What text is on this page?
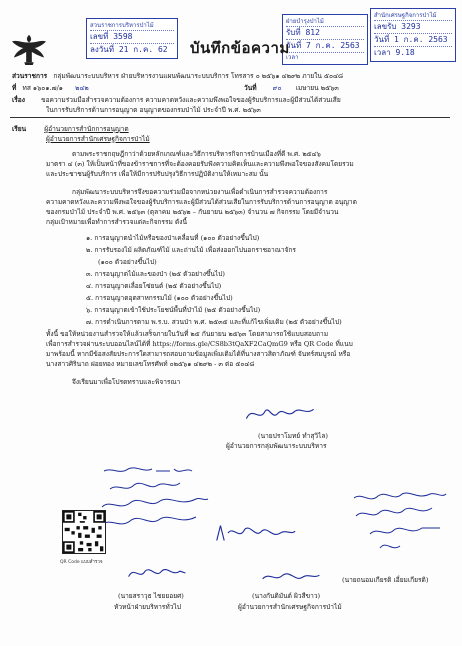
สวนราชการบริหารป่าไม้
เลขที่ 3598
ลงวันที่ 21 ก.ค. 62
ฝ่ายบำรุงป่าไม้
รับที่ 812
วันที่ 7 ก.ค. 2563
เวลา
สำนักเศรษฐกิจการป่าไม้
เลขรับ 3293
วันที่ 1 ก.ค. 2563
เวลา 9.18
บันทึกข้อความ
ส่วนราชการ กลุ่มพัฒนาระบบบริหาร ฝ่ายบริหารงานแผนพัฒนาระบบบริการ โทรสาร ๐ ๒๕๖๑ ๔๒๙๒ ภายใน ๕๐๔๘
ที่ ทส ๑๖๐๑.๗/๑ ๒๔๒	วันที่ ๙๐ เมษายน ๒๕๖๓
เรื่อง ขอความร่วมมือสำรวจความต้องการ ความคาดหวังและความพึงพอใจของผู้รับบริการและผู้มีส่วนได้ส่วนเสีย
ในการรับบริการด้านการอนุญาต อนุญาตของกรมป่าไม้ ประจำปี พ.ศ. ๒๕๖๓
เรียน	ผู้อำนวยการสำนักการอนุญาต
ผู้อำนวยการสำนักเศรษฐกิจการป่าไม้
ตามพระราชกฤษฎีกาว่าด้วยหลักเกณฑ์และวิธีการบริหารกิจการบ้านเมืองที่ดี พ.ศ. ๒๕๔๖
มาตรา ๔ (๓) ให้เป็นหน้าที่ของข้าราชการที่จะต้องคอยรับฟังความคิดเห็นและความพึงพอใจของสังคมโดยรวม
และประชาชนผู้รับบริการ เพื่อให้มีการปรับปรุงวิธีการปฏิบัติงานให้เหมาะสม นั้น
กลุ่มพัฒนาระบบบริหารจึงขอความร่วมมือจากหน่วยงานเพื่อดำเนินการสำรวจความต้องการ
ความคาดหวังและความพึงพอใจของผู้รับบริการและผู้มีส่วนได้ส่วนเสียในการรับบริการด้านการอนุญาต อนุญาต
ของกรมป่าไม้ ประจำปี พ.ศ. ๒๕๖๓ (ตุลาคม ๒๕๖๒ – กันยายน ๒๕๖๓) จำนวน ๗ กิจกรรม โดยมีจำนวน
กลุ่มเป้าหมายเพื่อทำการสำรวจแต่ละกิจกรรม ดังนี้
๑. การอนุญาตนำไม้หรือของป่าเคลื่อนที่ (๑๐๐ ตัวอย่างขึ้นไป)
๒. การรับรองไม้ ผลิตภัณฑ์ไม้ และถ่านไม้ เพื่อส่งออกไปนอกราชอาณาจักร
(๑๐๐ ตัวอย่างขึ้นไป)
๓. การอนุญาตไม้และของป่า (๒๕ ตัวอย่างขึ้นไป)
๔. การอนุญาตเลื่อยโซ่ยนต์ (๒๕ ตัวอย่างขึ้นไป)
๕. การอนุญาตอุตสาหกรรมไม้ (๑๐๐ ตัวอย่างขึ้นไป)
๖. การอนุญาตเข้าใช้ประโยชน์พื้นที่ป่าไม้ (๒๕ ตัวอย่างขึ้นไป)
๗. การดำเนินการตาม พ.ร.บ. สวนป่า พ.ศ. ๒๕๓๕ และที่แก้ไขเพิ่มเติม (๒๕ ตัวอย่างขึ้นไป)
ทั้งนี้ ขอให้หน่วยงานสำรวจให้แล้วเสร็จภายในวันที่ ๒๕ กันยายน ๒๕๖๓ โดยสามารถใช้แบบสอบถาม
เพื่อการสำรวจผ่านระบบออนไลน์ได้ที่ https://forms.gle/CS8b3tQaXF2CaQmG9 หรือ QR Code ที่แนบ
มาพร้อมนี้ หากมีข้อสงสัยประการใดสามารถสอบถามข้อมูลเพิ่มเติมได้ที่นางสาวสิตาภัณฑ์ จันทร์สมบูรณ์ หรือ
นางสาวศิรินาถ ฝอยทอง หมายเลขโทรศัพท์ ๐๒๕๖๑ ๔๒๙๒ - ๓ ต่อ ๕๐๔๘
จึงเรียนมาเพื่อโปรดทราบและพิจารณา
(นายปราโมทย์ ทำสุวิไล)
ผู้อำนวยการกลุ่มพัฒนาระบบบริหาร
(นายถนอมเกียรติ เอี่ยมเกียรติ)
QR Code แบบสำรวจ
(นายสราวุธ ไชยยอยศ)
หัวหน้าฝ่ายบริหารทั่วไป
(นางกันติมันต์ ผิวสีขาว)
ผู้อำนวยการสำนักเศรษฐกิจการป่าไม้
